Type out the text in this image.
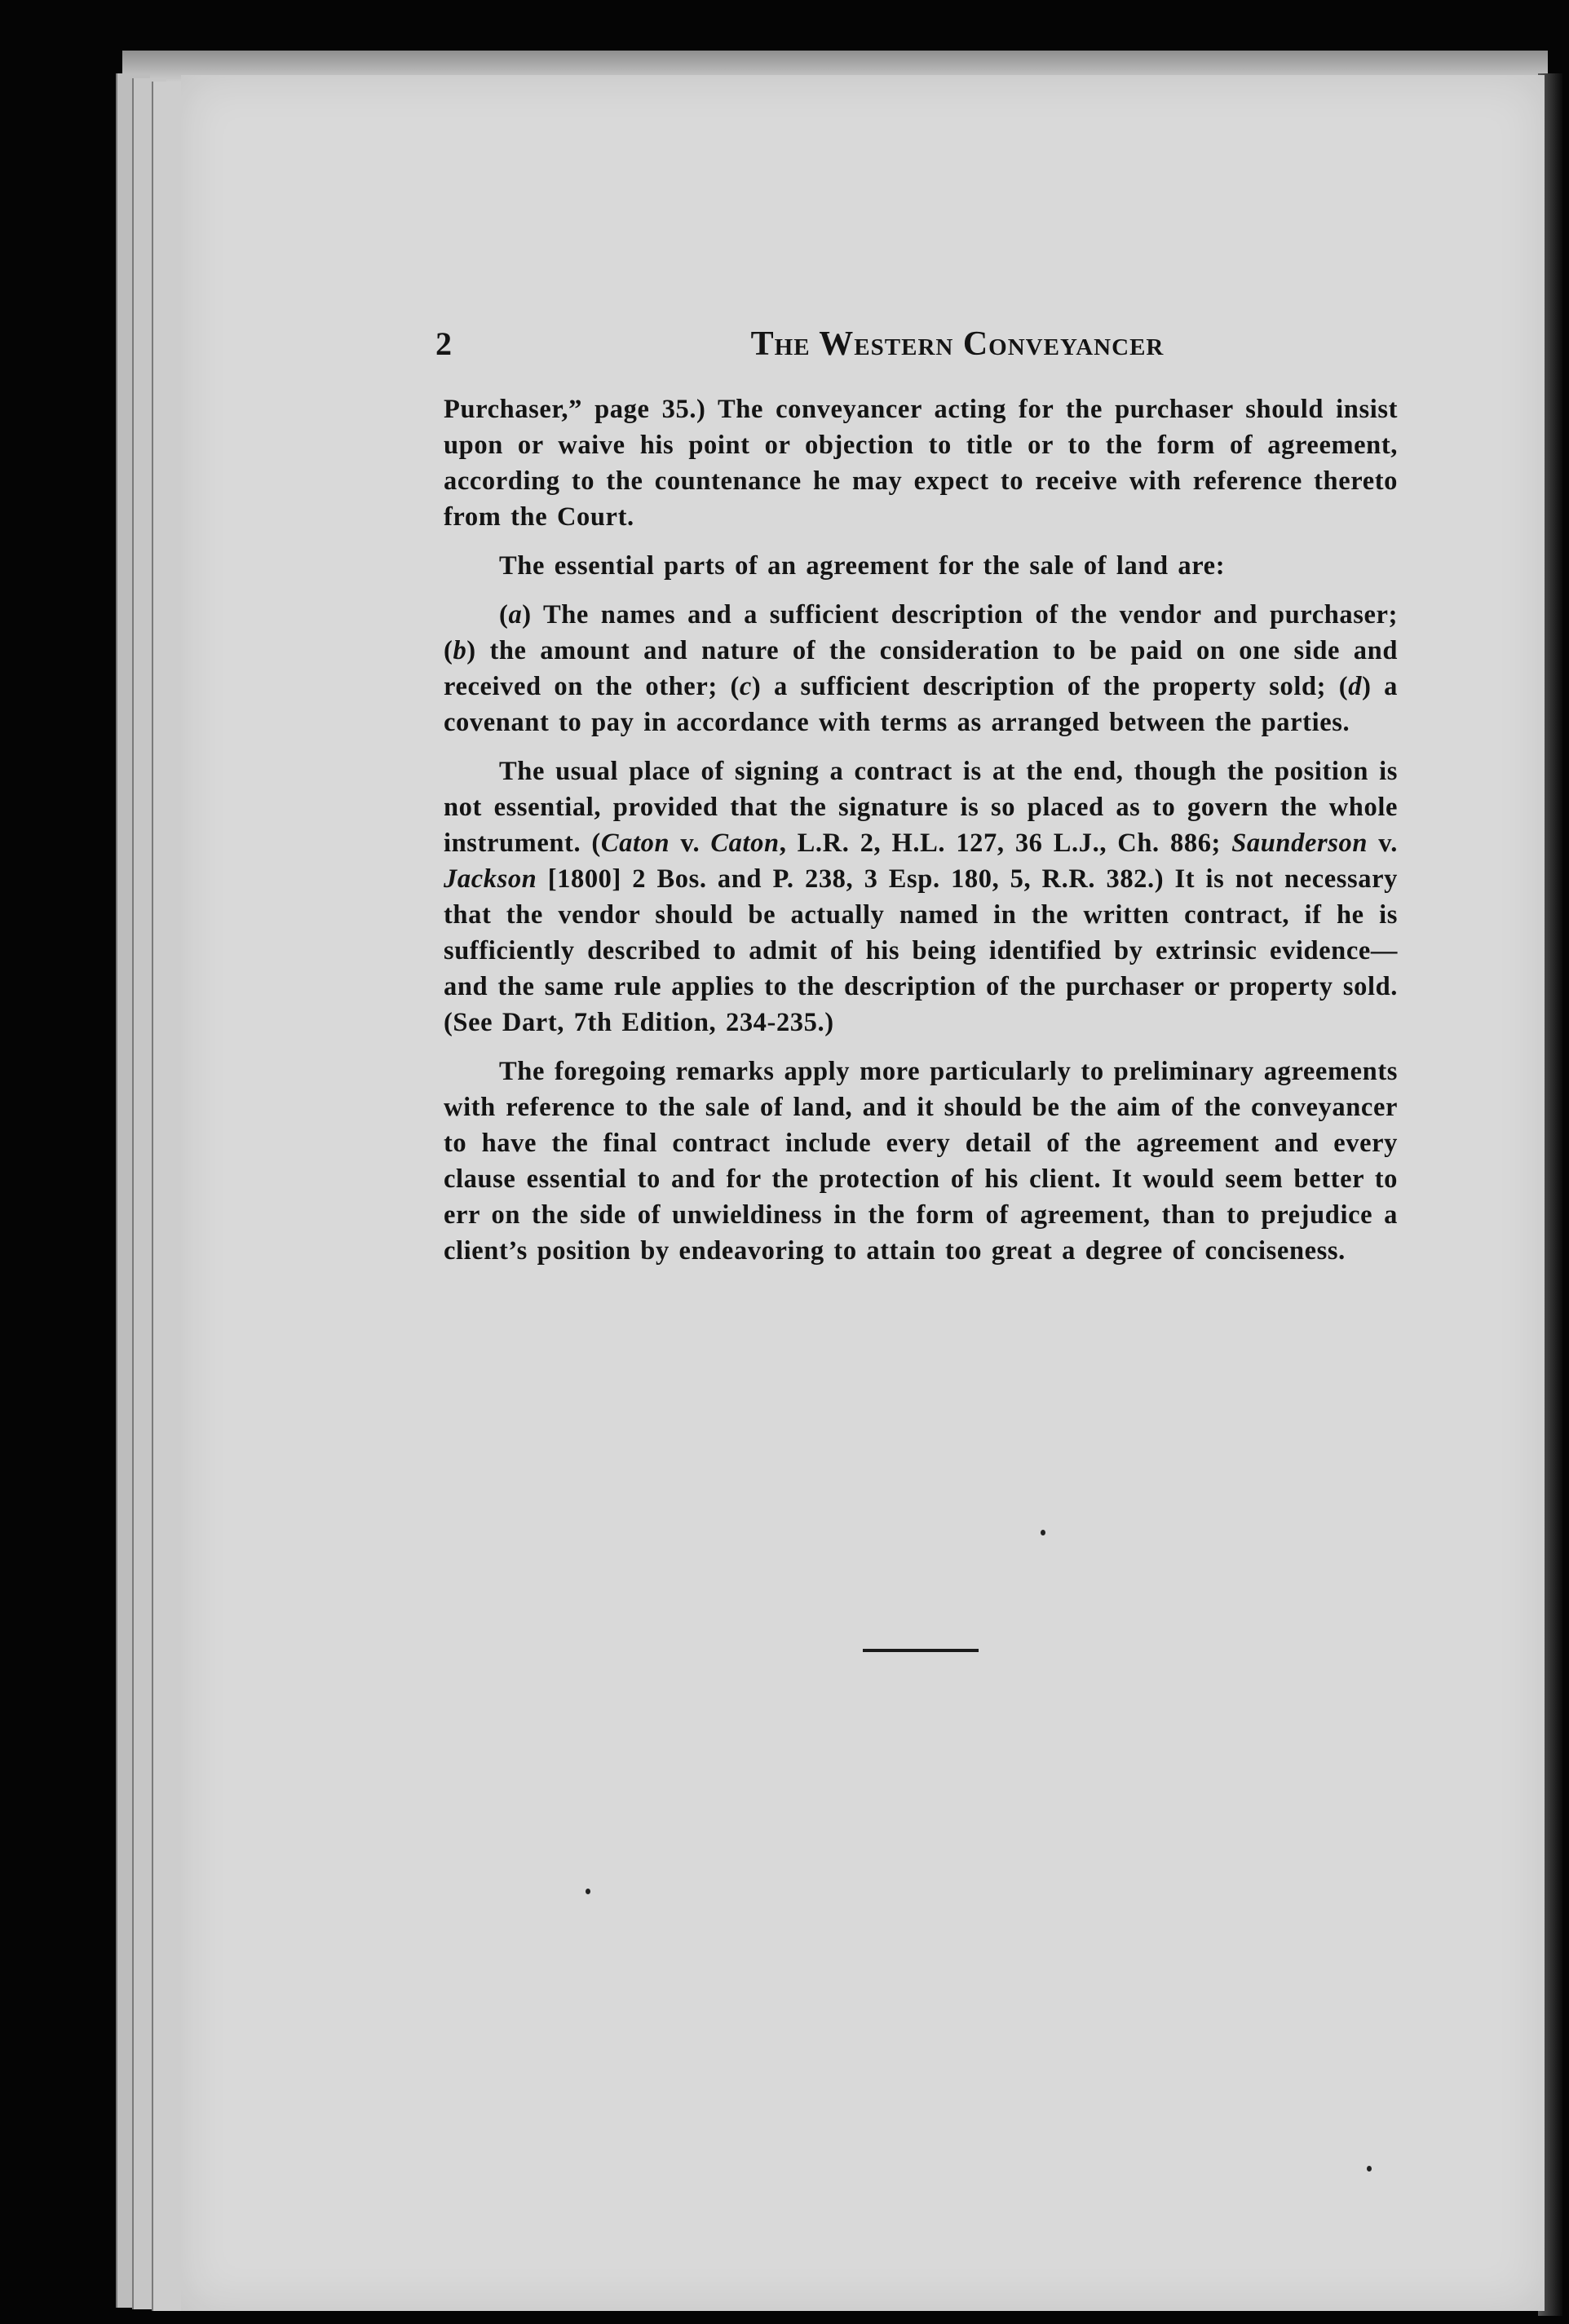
2	The Western Conveyancer

Purchaser,” page 35.) The conveyancer acting for the purchaser should insist upon or waive his point or objection to title or to the form of agreement, according to the countenance he may expect to receive with reference thereto from the Court.

The essential parts of an agreement for the sale of land are:

(a) The names and a sufficient description of the vendor and purchaser; (b) the amount and nature of the consideration to be paid on one side and received on the other; (c) a sufficient description of the property sold; (d) a covenant to pay in accordance with terms as arranged between the parties.

The usual place of signing a contract is at the end, though the position is not essential, provided that the signature is so placed as to govern the whole instrument. (Caton v. Caton, L.R. 2, H.L. 127, 36 L.J., Ch. 886; Saunderson v. Jackson [1800] 2 Bos. and P. 238, 3 Esp. 180, 5, R.R. 382.) It is not necessary that the vendor should be actually named in the written contract, if he is sufficiently described to admit of his being identified by extrinsic evidence—and the same rule applies to the description of the purchaser or property sold. (See Dart, 7th Edition, 234-235.)

The foregoing remarks apply more particularly to preliminary agreements with reference to the sale of land, and it should be the aim of the conveyancer to have the final contract include every detail of the agreement and every clause essential to and for the protection of his client. It would seem better to err on the side of unwieldiness in the form of agreement, than to prejudice a client’s position by endeavoring to attain too great a degree of conciseness.
